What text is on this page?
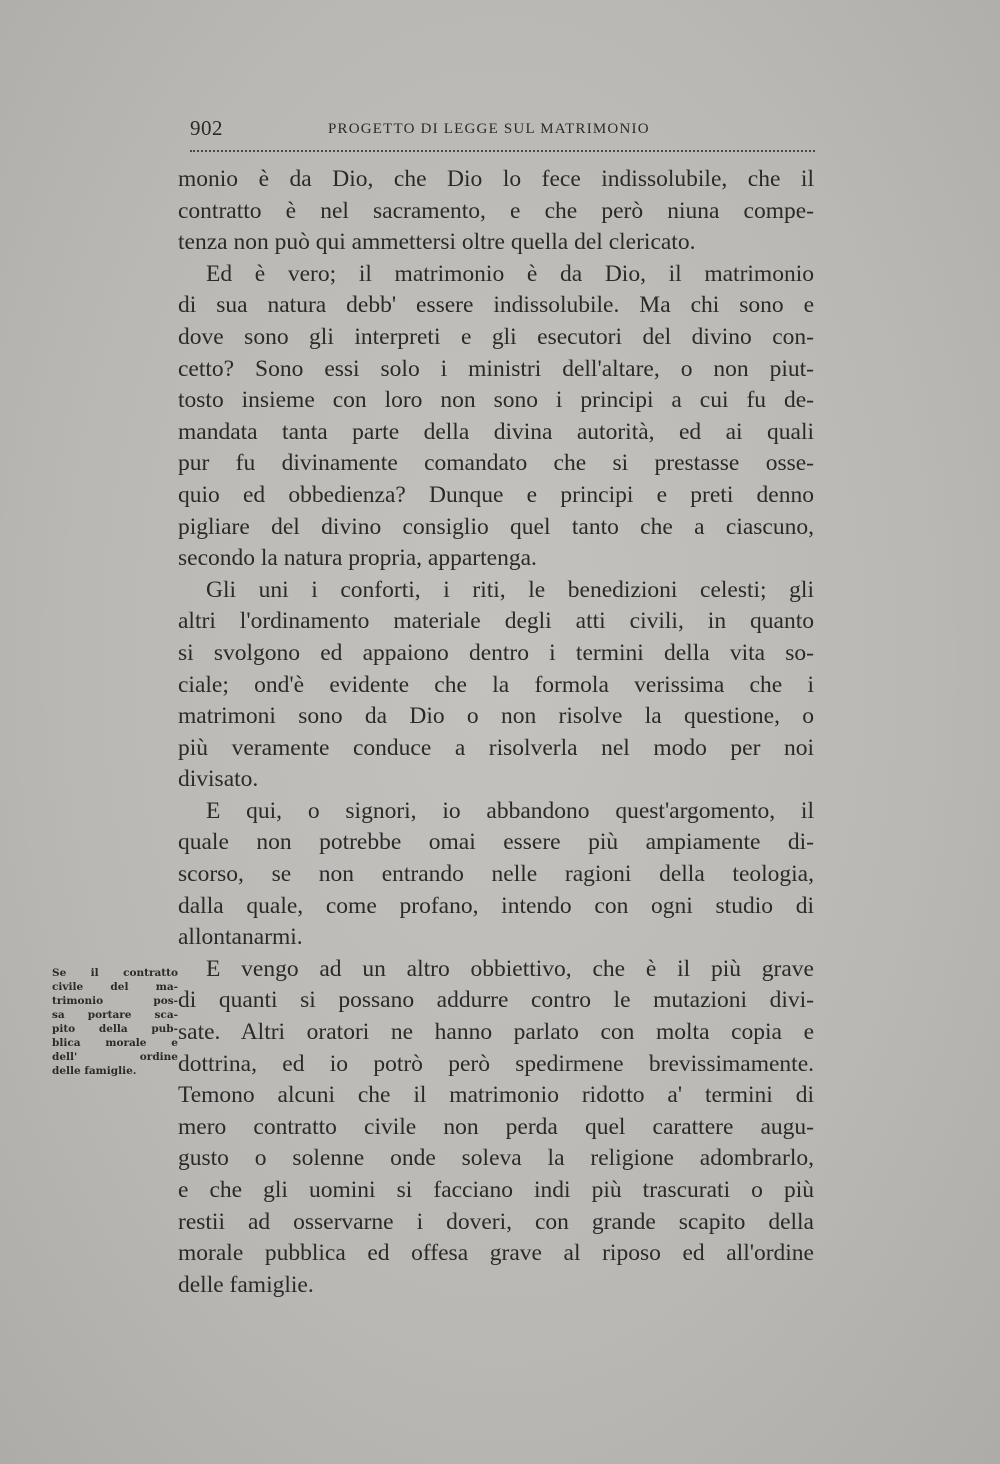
902	PROGETTO DI LEGGE SUL MATRIMONIO
monio è da Dio, che Dio lo fece indissolubile, che il
contratto è nel sacramento, e che però niuna compe-
tenza non può qui ammettersi oltre quella del clericato.
Ed è vero; il matrimonio è da Dio, il matrimonio
di sua natura debb' essere indissolubile. Ma chi sono e
dove sono gli interpreti e gli esecutori del divino con-
cetto? Sono essi solo i ministri dell'altare, o non piut-
tosto insieme con loro non sono i principi a cui fu de-
mandata tanta parte della divina autorità, ed ai quali
pur fu divinamente comandato che si prestasse osse-
quio ed obbedienza? Dunque e principi e preti denno
pigliare del divino consiglio quel tanto che a ciascuno,
secondo la natura propria, appartenga.
Gli uni i conforti, i riti, le benedizioni celesti; gli
altri l'ordinamento materiale degli atti civili, in quanto
si svolgono ed appaiono dentro i termini della vita so-
ciale; ond'è evidente che la formola verissima che i
matrimoni sono da Dio o non risolve la questione, o
più veramente conduce a risolverla nel modo per noi
divisato.
E qui, o signori, io abbandono quest'argomento, il
quale non potrebbe omai essere più ampiamente di-
scorso, se non entrando nelle ragioni della teologia,
dalla quale, come profano, intendo con ogni studio di
allontanarmi.
E vengo ad un altro obbiettivo, che è il più grave
di quanti si possano addurre contro le mutazioni divi-
sate. Altri oratori ne hanno parlato con molta copia e
dottrina, ed io potrò però spedirmene brevissimamente.
Temono alcuni che il matrimonio ridotto a' termini di
mero contratto civile non perda quel carattere augu-
gusto o solenne onde soleva la religione adombrarlo,
e che gli uomini si facciano indi più trascurati o più
restii ad osservarne i doveri, con grande scapito della
morale pubblica ed offesa grave al riposo ed all'ordine
delle famiglie.
Se il contratto
civile del ma-
trimonio pos-
sa portare sca-
pito della pub-
blica morale e
dell' ordine
delle famiglie.
